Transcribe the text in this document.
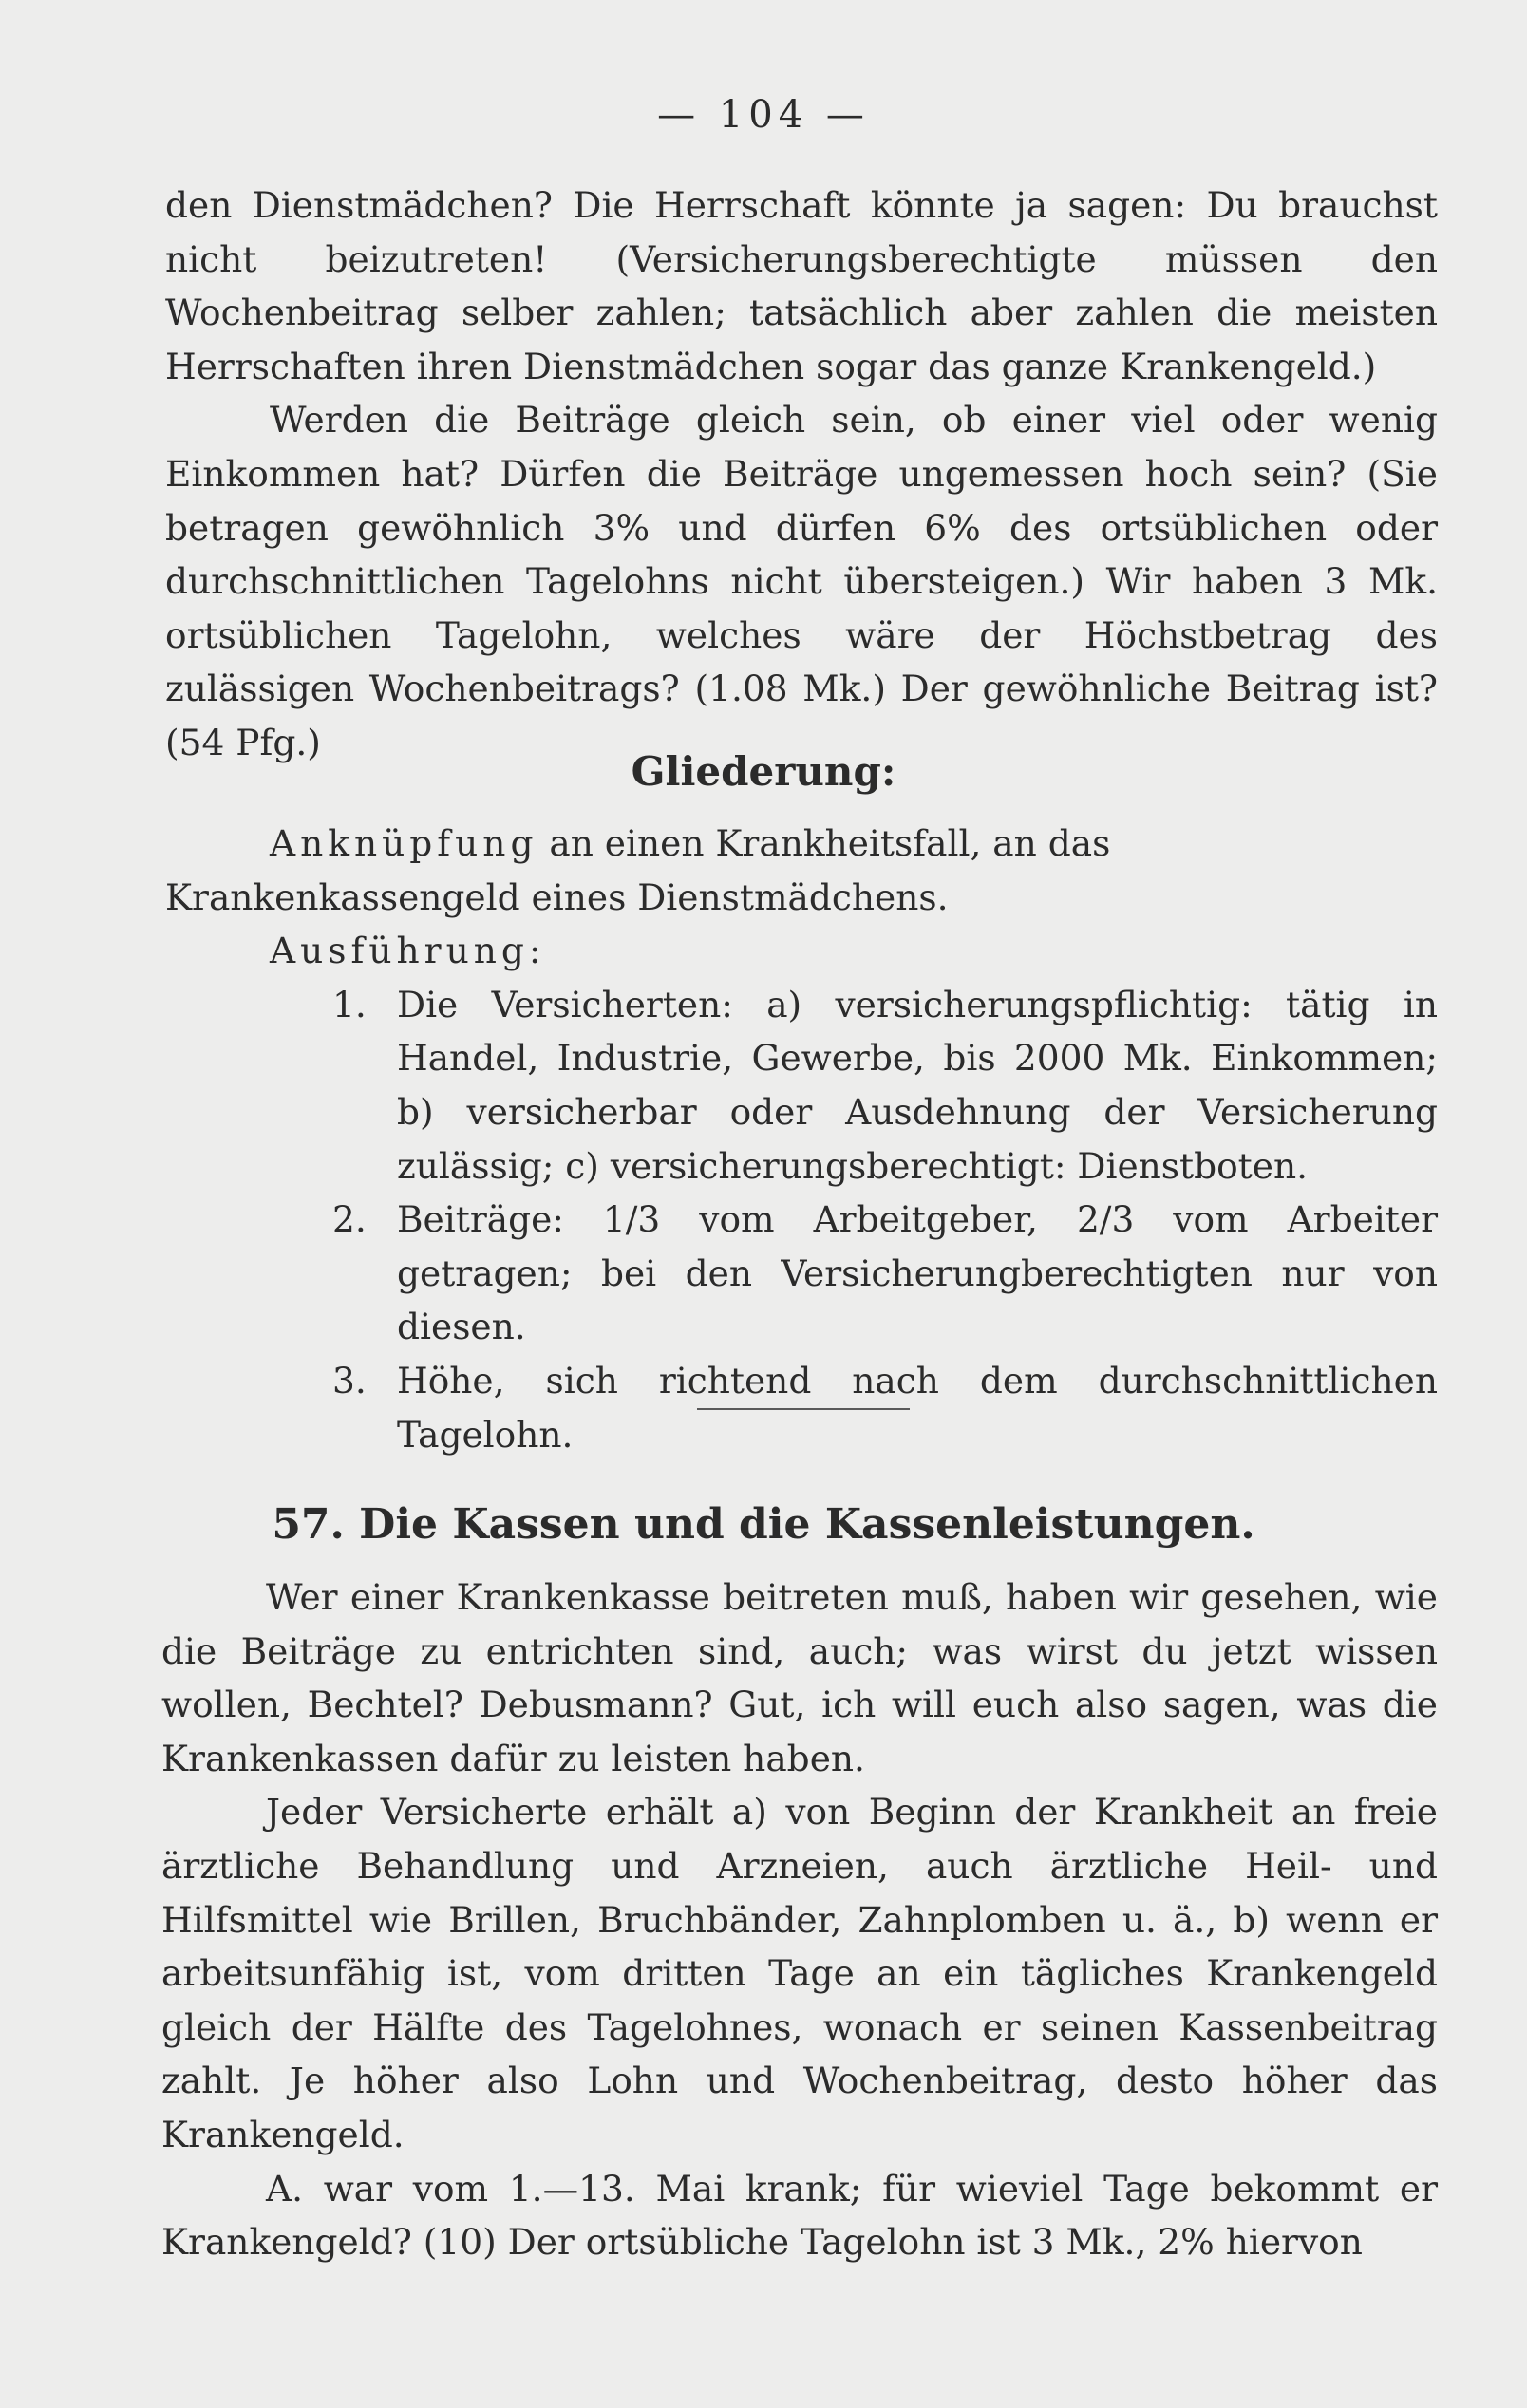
— 104 —

den Dienstmädchen? Die Herrschaft könnte ja sagen: Du brauchst nicht beizutreten! (Versicherungsberechtigte müssen den Wochenbeitrag selber zahlen; tatsächlich aber zahlen die meisten Herrschaften ihren Dienstmädchen sogar das ganze Krankengeld.)

Werden die Beiträge gleich sein, ob einer viel oder wenig Einkommen hat? Dürfen die Beiträge ungemessen hoch sein? (Sie betragen gewöhnlich 3% und dürfen 6% des ortsüblichen oder durchschnittlichen Tagelohns nicht übersteigen.) Wir haben 3 Mk. ortsüblichen Tagelohn, welches wäre der Höchstbetrag des zulässigen Wochenbeitrags? (1.08 Mk.) Der gewöhnliche Beitrag ist? (54 Pfg.)

Gliederung:

Anknüpfung an einen Krankheitsfall, an das Krankenkassengeld eines Dienstmädchens.

Ausführung:

1. Die Versicherten: a) versicherungspflichtig: tätig in Handel, Industrie, Gewerbe, bis 2000 Mk. Einkommen; b) versicherbar oder Ausdehnung der Versicherung zulässig; c) versicherungsberechtigt: Dienstboten.
2. Beiträge: 1/3 vom Arbeitgeber, 2/3 vom Arbeiter getragen; bei den Versicherungberechtigten nur von diesen.
3. Höhe, sich richtend nach dem durchschnittlichen Tagelohn.
57. Die Kassen und die Kassenleistungen.

Wer einer Krankenkasse beitreten muß, haben wir gesehen, wie die Beiträge zu entrichten sind, auch; was wirst du jetzt wissen wollen, Bechtel? Debusmann? Gut, ich will euch also sagen, was die Krankenkassen dafür zu leisten haben.

Jeder Versicherte erhält a) von Beginn der Krankheit an freie ärztliche Behandlung und Arzneien, auch ärztliche Heil- und Hilfsmittel wie Brillen, Bruchbänder, Zahnplomben u. ä., b) wenn er arbeitsunfähig ist, vom dritten Tage an ein tägliches Krankengeld gleich der Hälfte des Tagelohnes, wonach er seinen Kassenbeitrag zahlt. Je höher also Lohn und Wochenbeitrag, desto höher das Krankengeld.

A. war vom 1.—13. Mai krank; für wieviel Tage bekommt er Krankengeld? (10) Der ortsübliche Tagelohn ist 3 Mk., 2% hiervon
